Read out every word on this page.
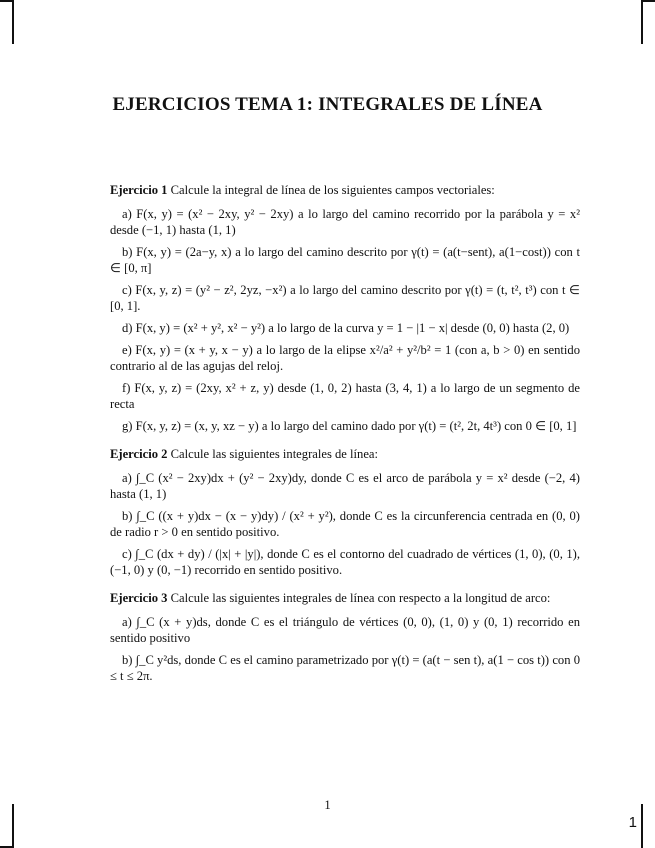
EJERCICIOS TEMA 1: INTEGRALES DE LÍNEA

Ejercicio 1 Calcule la integral de línea de los siguientes campos vectoriales:

a) F(x, y) = (x² − 2xy, y² − 2xy) a lo largo del camino recorrido por la parábola y = x² desde (−1, 1) hasta (1, 1)

b) F(x, y) = (2a−y, x) a lo largo del camino descrito por γ(t) = (a(t−sent), a(1−cost)) con t ∈ [0, π]

c) F(x, y, z) = (y² − z², 2yz, −x²) a lo largo del camino descrito por γ(t) = (t, t², t³) con t ∈ [0, 1].

d) F(x, y) = (x² + y², x² − y²) a lo largo de la curva y = 1 − |1 − x| desde (0, 0) hasta (2, 0)

e) F(x, y) = (x + y, x − y) a lo largo de la elipse x²/a² + y²/b² = 1 (con a, b > 0) en sentido contrario al de las agujas del reloj.

f) F(x, y, z) = (2xy, x² + z, y) desde (1, 0, 2) hasta (3, 4, 1) a lo largo de un segmento de recta

g) F(x, y, z) = (x, y, xz − y) a lo largo del camino dado por γ(t) = (t², 2t, 4t³) con 0 ∈ [0, 1]

Ejercicio 2 Calcule las siguientes integrales de línea:

a) ∫_C (x² − 2xy)dx + (y² − 2xy)dy, donde C es el arco de parábola y = x² desde (−2, 4) hasta (1, 1)

b) ∫_C ((x + y)dx − (x − y)dy) / (x² + y²), donde C es la circunferencia centrada en (0, 0) de radio r > 0 en sentido positivo.

c) ∫_C (dx + dy) / (|x| + |y|), donde C es el contorno del cuadrado de vértices (1, 0), (0, 1), (−1, 0) y (0, −1) recorrido en sentido positivo.

Ejercicio 3 Calcule las siguientes integrales de línea con respecto a la longitud de arco:

a) ∫_C (x + y)ds, donde C es el triángulo de vértices (0, 0), (1, 0) y (0, 1) recorrido en sentido positivo

b) ∫_C y²ds, donde C es el camino parametrizado por γ(t) = (a(t − sen t), a(1 − cos t)) con 0 ≤ t ≤ 2π.

1
1
